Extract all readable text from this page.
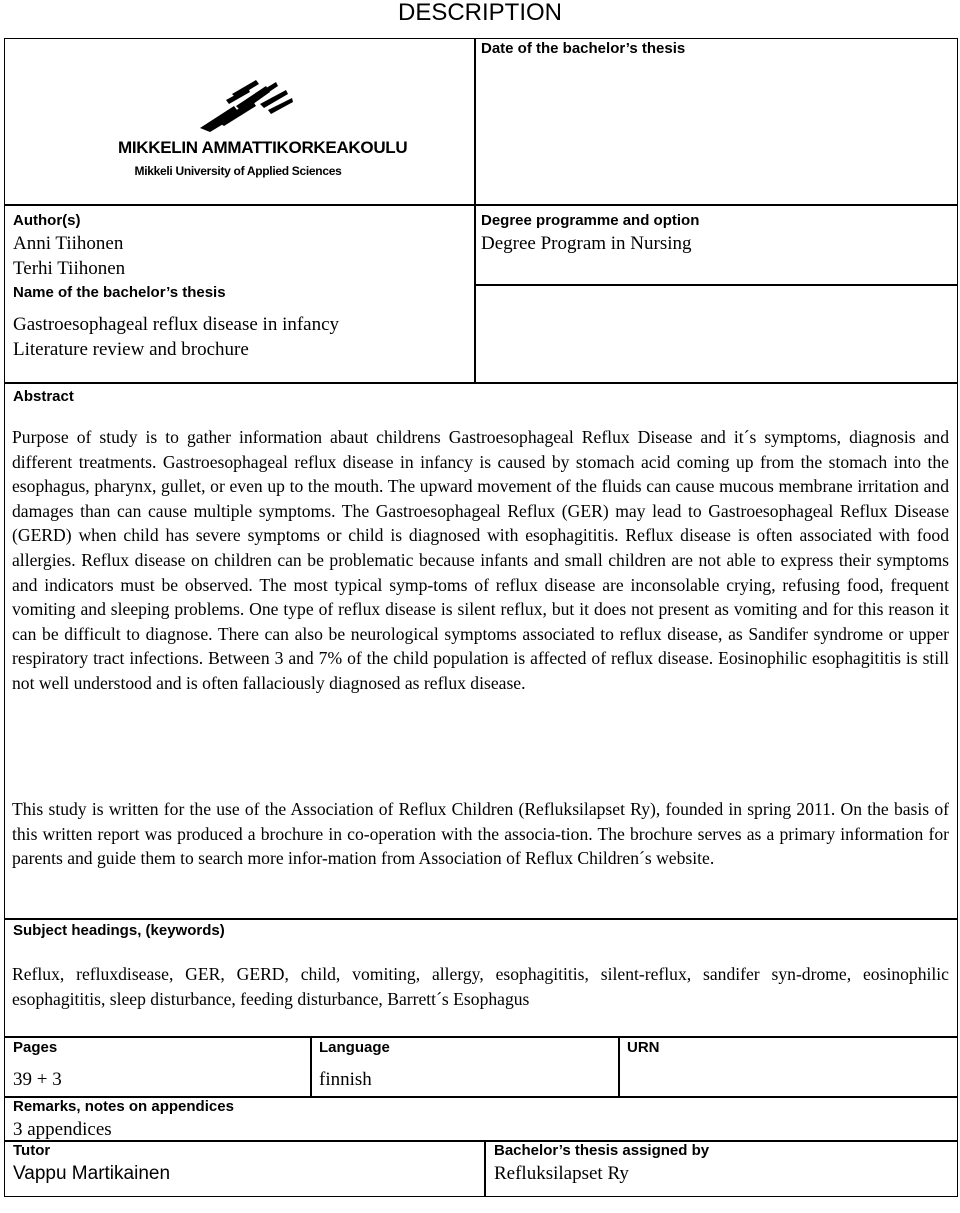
DESCRIPTION
Date of the bachelor’s thesis
MIKKELIN AMMATTIKORKEAKOULU
Mikkeli University of Applied Sciences
Author(s)
Anni Tiihonen
Terhi Tiihonen
Degree programme and option
Degree Program in Nursing
Name of the bachelor’s thesis
Gastroesophageal reflux disease in infancy
Literature review and brochure
Abstract
Purpose of study is to gather information abaut childrens Gastroesophageal Reflux Disease and it´s symptoms, diagnosis and different treatments. Gastroesophageal reflux disease in infancy is caused by stomach acid coming up from the stomach into the esophagus, pharynx, gullet, or even up to the mouth. The upward movement of the fluids can cause mucous membrane irritation and damages than can cause multiple symptoms. The Gastroesophageal Reflux (GER) may lead to Gastroesophageal Reflux Disease (GERD) when child has severe symptoms or child is diagnosed with esophagititis. Reflux disease is often associated with food allergies. Reflux disease on children can be problematic because infants and small children are not able to express their symptoms and indicators must be observed. The most typical symp-toms of reflux disease are inconsolable crying, refusing food, frequent vomiting and sleeping problems. One type of reflux disease is silent reflux, but it does not present as vomiting and for this reason it can be difficult to diagnose. There can also be neurological symptoms associated to reflux disease, as Sandifer syndrome or upper respiratory tract infections. Between 3 and 7% of the child population is affected of reflux disease. Eosinophilic esophagititis is still not well understood and is often fallaciously diagnosed as reflux disease.
This study is written for the use of the Association of Reflux Children (Refluksilapset Ry), founded in spring 2011. On the basis of this written report was produced a brochure in co-operation with the associa-tion. The brochure serves as a primary information for parents and guide them to search more infor-mation from Association of Reflux Children´s website.
Subject headings, (keywords)
Reflux, refluxdisease, GER, GERD, child, vomiting, allergy, esophagititis, silent-reflux, sandifer syn-drome, eosinophilic esophagititis, sleep disturbance, feeding disturbance, Barrett´s Esophagus
Pages
39 + 3
Language
finnish
URN
Remarks, notes on appendices
3 appendices
Tutor
Vappu Martikainen
Bachelor’s thesis assigned by
Refluksilapset Ry
